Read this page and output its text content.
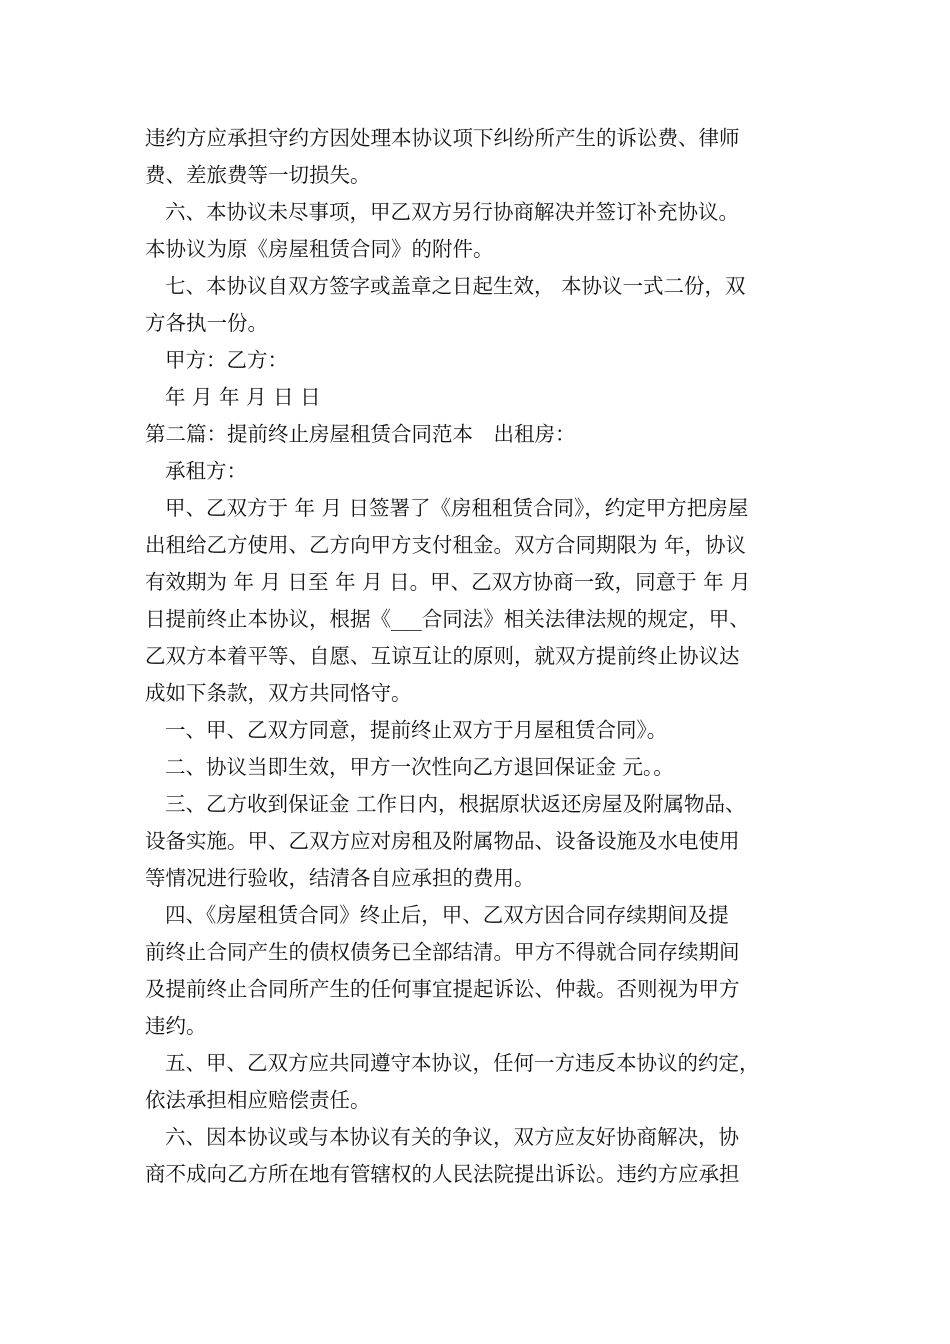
违约方应承担守约方因处理本协议项下纠纷所产生的诉讼费、律师
费、差旅费等一切损失。
六、本协议未尽事项，甲乙双方另行协商解决并签订补充协议。
本协议为原《房屋租赁合同》的附件。
七、本协议自双方签字或盖章之日起生效， 本协议一式二份，双
方各执一份。
甲方：乙方：
年 月 年 月 日 日
第二篇：提前终止房屋租赁合同范本　出租房：
承租方：
甲、乙双方于 年 月 日签署了《房租租赁合同》，约定甲方把房屋
出租给乙方使用、乙方向甲方支付租金。双方合同期限为 年，协议
有效期为 年 月 日至 年 月 日。甲、乙双方协商一致，同意于 年 月
日提前终止本协议，根据《___合同法》相关法律法规的规定，甲、
乙双方本着平等、自愿、互谅互让的原则，就双方提前终止协议达
成如下条款，双方共同恪守。
一、甲、乙双方同意，提前终止双方于月屋租赁合同》。
二、协议当即生效，甲方一次性向乙方退回保证金 元。。
三、乙方收到保证金 工作日内，根据原状返还房屋及附属物品、
设备实施。甲、乙双方应对房租及附属物品、设备设施及水电使用
等情况进行验收，结清各自应承担的费用。
四、《房屋租赁合同》终止后，甲、乙双方因合同存续期间及提
前终止合同产生的债权债务已全部结清。甲方不得就合同存续期间
及提前终止合同所产生的任何事宜提起诉讼、仲裁。否则视为甲方
违约。
五、甲、乙双方应共同遵守本协议，任何一方违反本协议的约定，
依法承担相应赔偿责任。
六、因本协议或与本协议有关的争议，双方应友好协商解决，协
商不成向乙方所在地有管辖权的人民法院提出诉讼。违约方应承担
